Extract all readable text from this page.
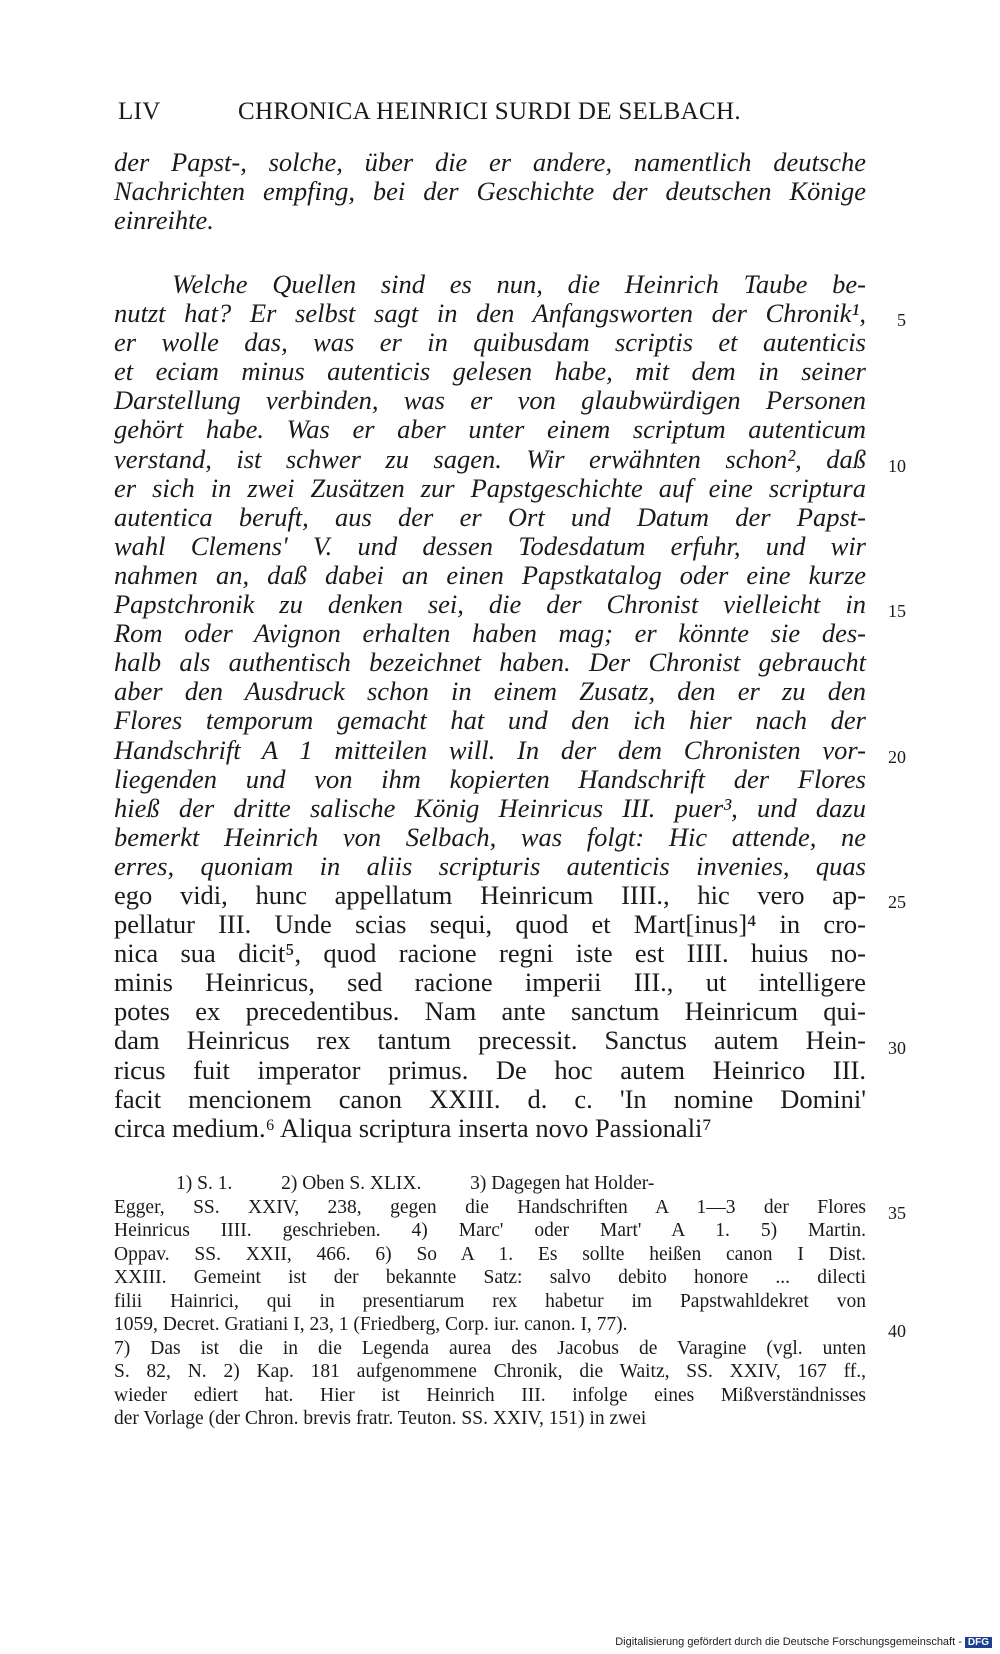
LIV	CHRONICA HEINRICI SURDI DE SELBACH.
der Papst-, solche, über die er andere, namentlich deutsche
Nachrichten empfing, bei der Geschichte der deutschen Könige
einreihte.
Welche Quellen sind es nun, die Heinrich Taube be-
nutzt hat? Er selbst sagt in den Anfangsworten der Chronik¹,
er wolle das, was er in quibusdam scriptis et autenticis
et eciam minus autenticis gelesen habe, mit dem in seiner
Darstellung verbinden, was er von glaubwürdigen Personen
gehört habe. Was er aber unter einem scriptum autenticum
verstand, ist schwer zu sagen. Wir erwähnten schon², daß
er sich in zwei Zusätzen zur Papstgeschichte auf eine scriptura
autentica beruft, aus der er Ort und Datum der Papst-
wahl Clemens' V. und dessen Todesdatum erfuhr, und wir
nahmen an, daß dabei an einen Papstkatalog oder eine kurze
Papstchronik zu denken sei, die der Chronist vielleicht in
Rom oder Avignon erhalten haben mag; er könnte sie des-
halb als authentisch bezeichnet haben. Der Chronist gebraucht
aber den Ausdruck schon in einem Zusatz, den er zu den
Flores temporum gemacht hat und den ich hier nach der
Handschrift A 1 mitteilen will. In der dem Chronisten vor-
liegenden und von ihm kopierten Handschrift der Flores
hieß der dritte salische König Heinricus III. puer³, und dazu
bemerkt Heinrich von Selbach, was folgt: Hic attende, ne
erres, quoniam in aliis scripturis autenticis invenies, quas
ego vidi, hunc appellatum Heinricum IIII., hic vero ap-
pellatur III. Unde scias sequi, quod et Mart[inus]⁴ in cro-
nica sua dicit⁵, quod racione regni iste est IIII. huius no-
minis Heinricus, sed racione imperii III., ut intelligere
potes ex precedentibus. Nam ante sanctum Heinricum qui-
dam Heinricus rex tantum precessit. Sanctus autem Hein-
ricus fuit imperator primus. De hoc autem Heinrico III.
facit mencionem canon XXIII. d. c. 'In nomine Domini'
circa medium.⁶ Aliqua scriptura inserta novo Passionali⁷
5
10
15
20
25
30
35
40
1) S. 1.          2) Oben S. XLIX.          3) Dagegen hat Holder-
Egger, SS. XXIV, 238, gegen die Handschriften A 1—3 der Flores
Heinricus IIII. geschrieben. 4) Marc' oder Mart' A 1. 5) Martin.
Oppav. SS. XXII, 466. 6) So A 1. Es sollte heißen canon I Dist.
XXIII. Gemeint ist der bekannte Satz: salvo debito honore ... dilecti
filii Hainrici, qui in presentiarum rex habetur im Papstwahldekret von
1059, Decret. Gratiani I, 23, 1 (Friedberg, Corp. iur. canon. I, 77).
7) Das ist die in die Legenda aurea des Jacobus de Varagine (vgl. unten
S. 82, N. 2) Kap. 181 aufgenommene Chronik, die Waitz, SS. XXIV, 167 ff.,
wieder ediert hat. Hier ist Heinrich III. infolge eines Mißverständnisses
der Vorlage (der Chron. brevis fratr. Teuton. SS. XXIV, 151) in zwei
Digitalisierung gefördert durch die Deutsche Forschungsgemeinschaft - DFG
